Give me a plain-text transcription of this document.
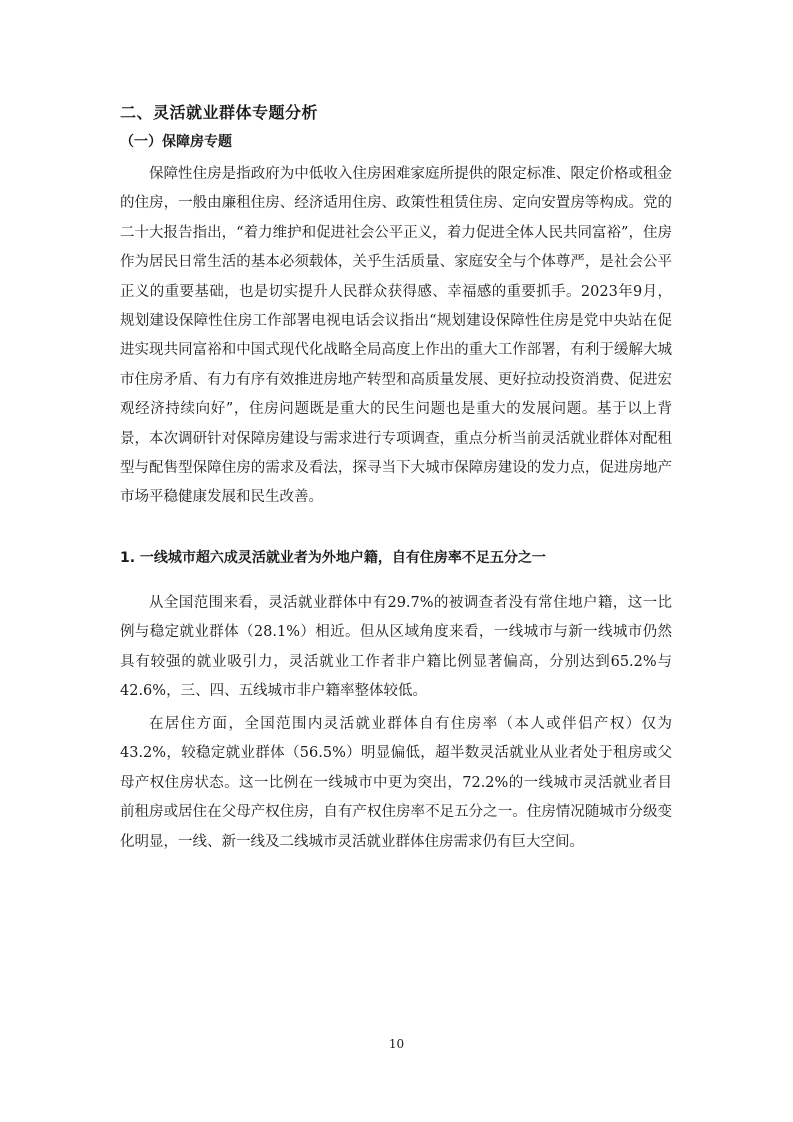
二、灵活就业群体专题分析
（一）保障房专题

保障性住房是指政府为中低收入住房困难家庭所提供的限定标准、限定价格或租金的住房，一般由廉租住房、经济适用住房、政策性租赁住房、定向安置房等构成。党的二十大报告指出，“着力维护和促进社会公平正义，着力促进全体人民共同富裕”，住房作为居民日常生活的基本必须载体，关乎生活质量、家庭安全与个体尊严，是社会公平正义的重要基础，也是切实提升人民群众获得感、幸福感的重要抓手。2023年9月，规划建设保障性住房工作部署电视电话会议指出“规划建设保障性住房是党中央站在促进实现共同富裕和中国式现代化战略全局高度上作出的重大工作部署，有利于缓解大城市住房矛盾、有力有序有效推进房地产转型和高质量发展、更好拉动投资消费、促进宏观经济持续向好”，住房问题既是重大的民生问题也是重大的发展问题。基于以上背景，本次调研针对保障房建设与需求进行专项调查，重点分析当前灵活就业群体对配租型与配售型保障住房的需求及看法，探寻当下大城市保障房建设的发力点，促进房地产市场平稳健康发展和民生改善。

1. 一线城市超六成灵活就业者为外地户籍，自有住房率不足五分之一

从全国范围来看，灵活就业群体中有29.7%的被调查者没有常住地户籍，这一比例与稳定就业群体（28.1%）相近。但从区域角度来看，一线城市与新一线城市仍然具有较强的就业吸引力，灵活就业工作者非户籍比例显著偏高，分别达到65.2%与42.6%，三、四、五线城市非户籍率整体较低。

在居住方面，全国范围内灵活就业群体自有住房率（本人或伴侣产权）仅为43.2%，较稳定就业群体（56.5%）明显偏低，超半数灵活就业从业者处于租房或父母产权住房状态。这一比例在一线城市中更为突出，72.2%的一线城市灵活就业者目前租房或居住在父母产权住房，自有产权住房率不足五分之一。住房情况随城市分级变化明显，一线、新一线及二线城市灵活就业群体住房需求仍有巨大空间。

10
